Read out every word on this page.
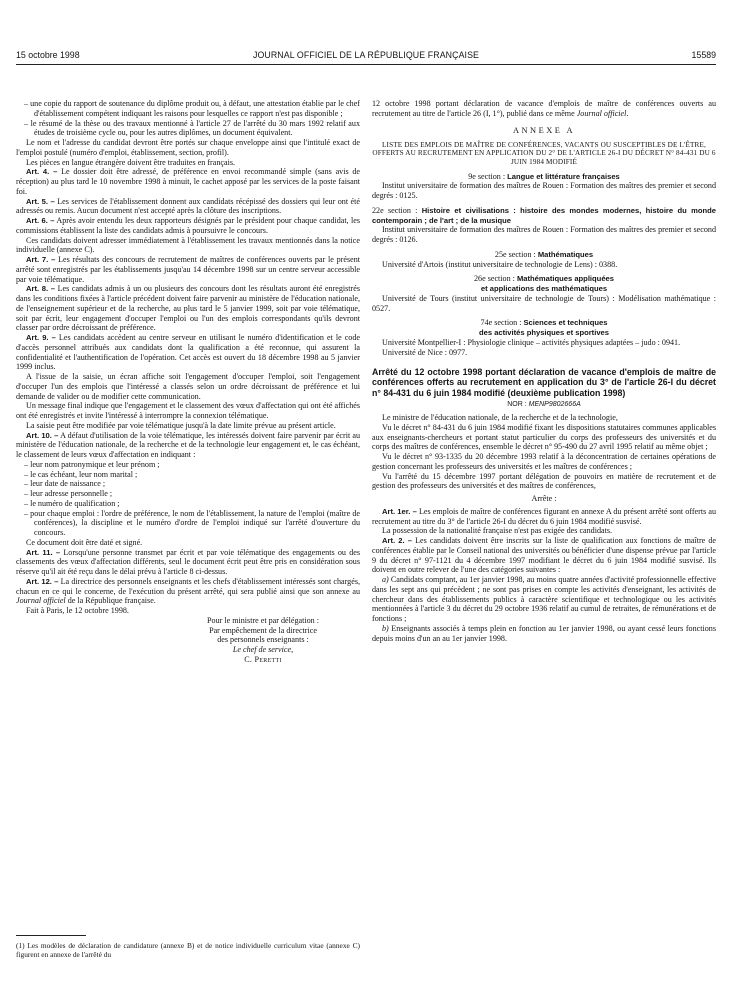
15 octobre 1998	JOURNAL OFFICIEL DE LA RÉPUBLIQUE FRANÇAISE	15589

– une copie du rapport de soutenance du diplôme produit ou, à défaut, une attestation établie par le chef d'établissement compétent indiquant les raisons pour lesquelles ce rapport n'est pas disponible ;

– le résumé de la thèse ou des travaux mentionné à l'article 27 de l'arrêté du 30 mars 1992 relatif aux études de troisième cycle ou, pour les autres diplômes, un document équivalent.

Le nom et l'adresse du candidat devront être portés sur chaque enveloppe ainsi que l'intitulé exact de l'emploi postulé (numéro d'emploi, établissement, section, profil).

Les pièces en langue étrangère doivent être traduites en français.

Art. 4. – Le dossier doit être adressé, de préférence en envoi recommandé simple (sans avis de réception) au plus tard le 10 novembre 1998 à minuit, le cachet apposé par les services de la poste faisant foi.

Art. 5. – Les services de l'établissement donnent aux candidats récépissé des dossiers qui leur ont été adressés ou remis. Aucun document n'est accepté après la clôture des inscriptions.

Art. 6. – Après avoir entendu les deux rapporteurs désignés par le président pour chaque candidat, les commissions établissent la liste des candidats admis à poursuivre le concours.

Ces candidats doivent adresser immédiatement à l'établissement les travaux mentionnés dans la notice individuelle (annexe C).

Art. 7. – Les résultats des concours de recrutement de maîtres de conférences ouverts par le présent arrêté sont enregistrés par les établissements jusqu'au 14 décembre 1998 sur un centre serveur accessible par voie télématique.

Art. 8. – Les candidats admis à un ou plusieurs des concours dont les résultats auront été enregistrés dans les conditions fixées à l'article précédent doivent faire parvenir au ministère de l'éducation nationale, de l'enseignement supérieur et de la recherche, au plus tard le 5 janvier 1999, soit par voie télématique, soit par écrit, leur engagement d'occuper l'emploi ou l'un des emplois correspondants qu'ils devront classer par ordre décroissant de préférence.

Art. 9. – Les candidats accèdent au centre serveur en utilisant le numéro d'identification et le code d'accès personnel attribués aux candidats dont la qualification a été reconnue, qui assurent la confidentialité et l'authentification de l'opération. Cet accès est ouvert du 18 décembre 1998 au 5 janvier 1999 inclus.

A l'issue de la saisie, un écran affiche soit l'engagement d'occuper l'emploi, soit l'engagement d'occuper l'un des emplois que l'intéressé a classés selon un ordre décroissant de préférence et lui demande de valider ou de modifier cette communication.

Un message final indique que l'engagement et le classement des vœux d'affectation qui ont été affichés ont été enregistrés et invite l'intéressé à interrompre la connexion télématique.

La saisie peut être modifiée par voie télématique jusqu'à la date limite prévue au présent article.

Art. 10. – A défaut d'utilisation de la voie télématique, les intéressés doivent faire parvenir par écrit au ministère de l'éducation nationale, de la recherche et de la technologie leur engagement et, le cas échéant, le classement de leurs vœux d'affectation en indiquant :

– leur nom patronymique et leur prénom ;

– le cas échéant, leur nom marital ;

– leur date de naissance ;

– leur adresse personnelle ;

– le numéro de qualification ;

– pour chaque emploi : l'ordre de préférence, le nom de l'établissement, la nature de l'emploi (maître de conférences), la discipline et le numéro d'ordre de l'emploi indiqué sur l'arrêté d'ouverture du concours.

Ce document doit être daté et signé.

Art. 11. – Lorsqu'une personne transmet par écrit et par voie télématique des engagements ou des classements des vœux d'affectation différents, seul le document écrit peut être pris en considération sous réserve qu'il ait été reçu dans le délai prévu à l'article 8 ci-dessus.

Art. 12. – La directrice des personnels enseignants et les chefs d'établissement intéressés sont chargés, chacun en ce qui le concerne, de l'exécution du présent arrêté, qui sera publié ainsi que son annexe au Journal officiel de la République française.

Fait à Paris, le 12 octobre 1998.

Pour le ministre et par délégation :
Par empêchement de la directrice
des personnels enseignants :
Le chef de service,
C. Peretti
(1) Les modèles de déclaration de candidature (annexe B) et de notice individuelle curriculum vitae (annexe C) figurent en annexe de l'arrêté du

12 octobre 1998 portant déclaration de vacance d'emplois de maître de conférences ouverts au recrutement au titre de l'article 26 (I, 1°), publié dans ce même Journal officiel.

ANNEXE A
LISTE DES EMPLOIS DE MAÎTRE DE CONFÉRENCES, VACANTS OU SUSCEPTIBLES DE L'ÊTRE, OFFERTS AU RECRUTEMENT EN APPLICATION DU 2° DE L'ARTICLE 26-I DU DÉCRET N° 84-431 DU 6 JUIN 1984 MODIFIÉ
9e section : Langue et littérature françaises

Institut universitaire de formation des maîtres de Rouen : Formation des maîtres des premier et second degrés : 0125.

22e section : Histoire et civilisations : histoire des mondes modernes, histoire du monde contemporain ; de l'art ; de la musique

Institut universitaire de formation des maîtres de Rouen : Formation des maîtres des premier et second degrés : 0126.

25e section : Mathématiques

Université d'Artois (institut universitaire de technologie de Lens) : 0388.

26e section : Mathématiques appliquées
et applications des mathématiques

Université de Tours (institut universitaire de technologie de Tours) : Modélisation mathématique : 0527.

74e section : Sciences et techniques
des activités physiques et sportives

Université Montpellier-I : Physiologie clinique – activités physiques adaptées – judo : 0941.

Université de Nice : 0977.

Arrêté du 12 octobre 1998 portant déclaration de vacance d'emplois de maître de conférences offerts au recrutement en application du 3° de l'article 26-I du décret n° 84-431 du 6 juin 1984 modifié (deuxième publication 1998)
NOR : MENP9802666A

Le ministre de l'éducation nationale, de la recherche et de la technologie,

Vu le décret n° 84-431 du 6 juin 1984 modifié fixant les dispositions statutaires communes applicables aux enseignants-chercheurs et portant statut particulier du corps des professeurs des universités et du corps des maîtres de conférences, ensemble le décret n° 95-490 du 27 avril 1995 relatif au même objet ;

Vu le décret n° 93-1335 du 20 décembre 1993 relatif à la déconcentration de certaines opérations de gestion concernant les professeurs des universités et les maîtres de conférences ;

Vu l'arrêté du 15 décembre 1997 portant délégation de pouvoirs en matière de recrutement et de gestion des professeurs des universités et des maîtres de conférences,

Arrête :

Art. 1er. – Les emplois de maître de conférences figurant en annexe A du présent arrêté sont offerts au recrutement au titre du 3° de l'article 26-I du décret du 6 juin 1984 modifié susvisé.

La possession de la nationalité française n'est pas exigée des candidats.

Art. 2. – Les candidats doivent être inscrits sur la liste de qualification aux fonctions de maître de conférences établie par le Conseil national des universités ou bénéficier d'une dispense prévue par l'article 9 du décret n° 97-1121 du 4 décembre 1997 modifiant le décret du 6 juin 1984 modifié susvisé. Ils doivent en outre relever de l'une des catégories suivantes :

a) Candidats comptant, au 1er janvier 1998, au moins quatre années d'activité professionnelle effective dans les sept ans qui précèdent ; ne sont pas prises en compte les activités d'enseignant, les activités de chercheur dans des établissements publics à caractère scientifique et technologique ou les activités mentionnées à l'article 3 du décret du 29 octobre 1936 relatif au cumul de retraites, de rémunérations et de fonctions ;

b) Enseignants associés à temps plein en fonction au 1er janvier 1998, ou ayant cessé leurs fonctions depuis moins d'un an au 1er janvier 1998.
